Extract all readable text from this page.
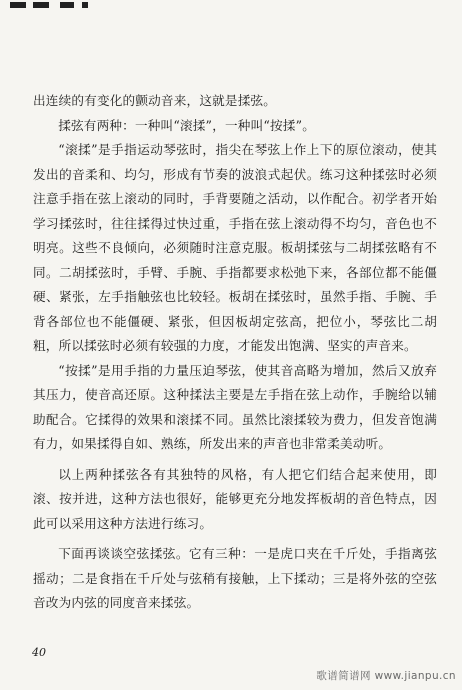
出连续的有变化的颤动音来，这就是揉弦。

揉弦有两种：一种叫“滚揉”，一种叫“按揉”。

“滚揉”是手指运动琴弦时，指尖在琴弦上作上下的原位滚动，使其发出的音柔和、均匀，形成有节奏的波浪式起伏。练习这种揉弦时必须注意手指在弦上滚动的同时，手背要随之活动，以作配合。初学者开始学习揉弦时，往往揉得过快过重，手指在弦上滚动得不均匀，音色也不明亮。这些不良倾向，必须随时注意克服。板胡揉弦与二胡揉弦略有不同。二胡揉弦时，手臂、手腕、手指都要求松弛下来，各部位都不能僵硬、紧张，左手指触弦也比较轻。板胡在揉弦时，虽然手指、手腕、手背各部位也不能僵硬、紧张，但因板胡定弦高，把位小，琴弦比二胡粗，所以揉弦时必须有较强的力度，才能发出饱满、坚实的声音来。

“按揉”是用手指的力量压迫琴弦，使其音高略为增加，然后又放弃其压力，使音高还原。这种揉法主要是左手指在弦上动作，手腕给以辅助配合。它揉得的效果和滚揉不同。虽然比滚揉较为费力，但发音饱满有力，如果揉得自如、熟练，所发出来的声音也非常柔美动听。

以上两种揉弦各有其独特的风格，有人把它们结合起来使用，即滚、按并进，这种方法也很好，能够更充分地发挥板胡的音色特点，因此可以采用这种方法进行练习。

下面再谈谈空弦揉弦。它有三种：一是虎口夹在千斤处，手指离弦摇动；二是食指在千斤处与弦稍有接触，上下揉动；三是将外弦的空弦音改为内弦的同度音来揉弦。

40
歌谱简谱网 www.jianpu.cn
